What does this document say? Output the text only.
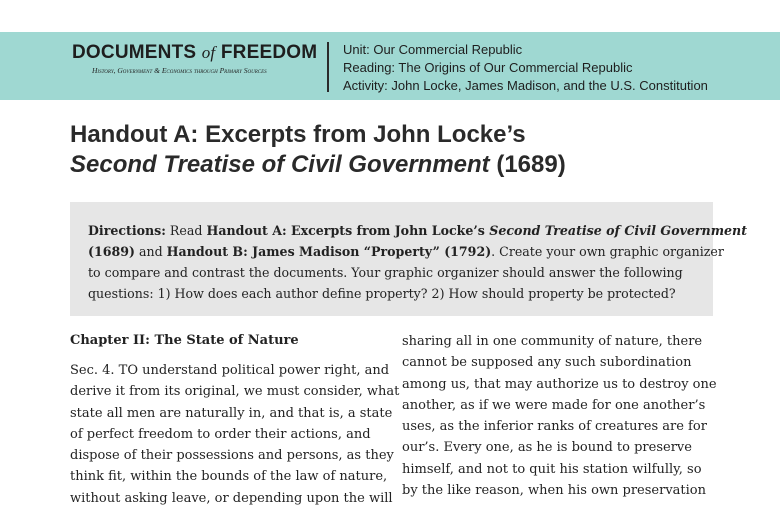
DOCUMENTS of FREEDOM
History, Government & Economics through Primary Sources
Unit: Our Commercial Republic
Reading: The Origins of Our Commercial Republic
Activity: John Locke, James Madison, and the U.S. Constitution
Handout A: Excerpts from John Locke’s
Second Treatise of Civil Government (1689)
Directions: Read Handout A: Excerpts from John Locke’s Second Treatise of Civil Government
(1689) and Handout B: James Madison “Property” (1792). Create your own graphic organizer
to compare and contrast the documents. Your graphic organizer should answer the following
questions: 1) How does each author define property? 2) How should property be protected?
Chapter II: The State of Nature
Sec. 4. TO understand political power right, and
derive it from its original, we must consider, what
state all men are naturally in, and that is, a state
of perfect freedom to order their actions, and
dispose of their possessions and persons, as they
think fit, within the bounds of the law of nature,
without asking leave, or depending upon the will
sharing all in one community of nature, there
cannot be supposed any such subordination
among us, that may authorize us to destroy one
another, as if we were made for one another’s
uses, as the inferior ranks of creatures are for
our’s. Every one, as he is bound to preserve
himself, and not to quit his station wilfully, so
by the like reason, when his own preservation
